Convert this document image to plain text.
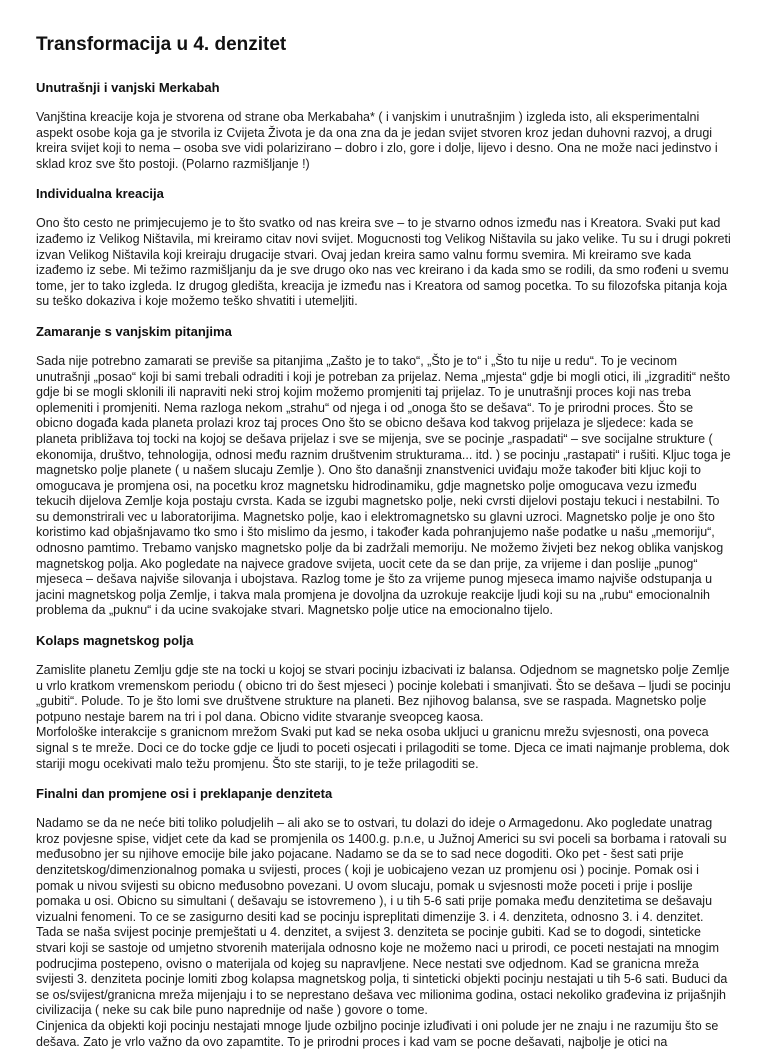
Transformacija u 4. denzitet
Unutrašnji i vanjski Merkabah

Vanjština kreacije koja je stvorena od strane oba Merkabaha* ( i vanjskim i unutrašnjim ) izgleda isto, ali eksperimentalni aspekt osobe koja ga je stvorila iz Cvijeta Života je da ona zna da je jedan svijet stvoren kroz jedan duhovni razvoj, a drugi kreira svijet koji to nema – osoba sve vidi polarizirano – dobro i zlo, gore i dolje, lijevo i desno. Ona ne može naci jedinstvo i sklad kroz sve što postoji. (Polarno razmišljanje !)

Individualna kreacija

Ono što cesto ne primjecujemo je to što svatko od nas kreira sve – to je stvarno odnos između nas i Kreatora. Svaki put kad izađemo iz Velikog Ništavila, mi kreiramo citav novi svijet. Mogucnosti tog Velikog Ništavila su jako velike. Tu su i drugi pokreti izvan Velikog Ništavila koji kreiraju drugacije stvari. Ovaj jedan kreira samo valnu formu svemira. Mi kreiramo sve kada izađemo iz sebe. Mi težimo razmišljanju da je sve drugo oko nas vec kreirano i da kada smo se rodili, da smo rođeni u svemu tome, jer to tako izgleda. Iz drugog gledišta, kreacija je između nas i Kreatora od samog pocetka. To su filozofska pitanja koja su teško dokaziva i koje možemo teško shvatiti i utemeljiti.

Zamaranje s vanjskim pitanjima

Sada nije potrebno zamarati se previše sa pitanjima „Zašto je to tako“, „Što je to“ i „Što tu nije u redu“. To je vecinom unutrašnji „posao“ koji bi sami trebali odraditi i koji je potreban za prijelaz. Nema „mjesta“ gdje bi mogli otici, ili „izgraditi“ nešto gdje bi se mogli sklonili ili napraviti neki stroj kojim možemo promjeniti taj prijelaz. To je unutrašnji proces koji nas treba oplemeniti i promjeniti. Nema razloga nekom „strahu“ od njega i od „onoga što se dešava“. To je prirodni proces. Što se obicno događa kada planeta prolazi kroz taj proces Ono što se obicno dešava kod takvog prijelaza je sljedece: kada se planeta približava toj tocki na kojoj se dešava prijelaz i sve se mijenja, sve se pocinje „raspadati“ – sve socijalne strukture ( ekonomija, društvo, tehnologija, odnosi među raznim društvenim strukturama... itd. ) se pocinju „rastapati“ i rušiti. Kljuc toga je magnetsko polje planete ( u našem slucaju Zemlje ). Ono što današnji znanstvenici uviđaju može također biti kljuc koji to omogucava je promjena osi, na pocetku kroz magnetsku hidrodinamiku, gdje magnetsko polje omogucava vezu između tekucih dijelova Zemlje koja postaju cvrsta. Kada se izgubi magnetsko polje, neki cvrsti dijelovi postaju tekuci i nestabilni. To su demonstrirali vec u laboratorijima. Magnetsko polje, kao i elektromagnetsko su glavni uzroci. Magnetsko polje je ono što koristimo kad objašnjavamo tko smo i što mislimo da jesmo, i također kada pohranjujemo naše podatke u našu „memoriju“, odnosno pamtimo. Trebamo vanjsko magnetsko polje da bi zadržali memoriju. Ne možemo živjeti bez nekog oblika vanjskog magnetskog polja. Ako pogledate na najvece gradove svijeta, uocit cete da se dan prije, za vrijeme i dan poslije „punog“ mjeseca – dešava najviše silovanja i ubojstava. Razlog tome je što za vrijeme punog mjeseca imamo najviše odstupanja u jacini magnetskog polja Zemlje, i takva mala promjena je dovoljna da uzrokuje reakcije ljudi koji su na „rubu“ emocionalnih problema da „puknu“ i da ucine svakojake stvari. Magnetsko polje utice na emocionalno tijelo.

Kolaps magnetskog polja

Zamislite planetu Zemlju gdje ste na tocki u kojoj se stvari pocinju izbacivati iz balansa. Odjednom se magnetsko polje Zemlje u vrlo kratkom vremenskom periodu ( obicno tri do šest mjeseci ) pocinje kolebati i smanjivati. Što se dešava – ljudi se pocinju „gubiti“. Polude. To je što lomi sve društvene strukture na planeti. Bez njihovog balansa, sve se raspada. Magnetsko polje potpuno nestaje barem na tri i pol dana. Obicno vidite stvaranje sveopceg kaosa.

Morfološke interakcije s granicnom mrežom Svaki put kad se neka osoba ukljuci u granicnu mrežu svjesnosti, ona poveca signal s te mreže. Doci ce do tocke gdje ce ljudi to poceti osjecati i prilagoditi se tome. Djeca ce imati najmanje problema, dok stariji mogu ocekivati malo težu promjenu. Što ste stariji, to je teže prilagoditi se.

Finalni dan promjene osi i preklapanje denziteta

Nadamo se da ne neće biti toliko poludjelih – ali ako se to ostvari, tu dolazi do ideje o Armagedonu. Ako pogledate unatrag kroz povjesne spise, vidjet cete da kad se promjenila os 1400.g. p.n.e, u Južnoj Americi su svi poceli sa borbama i ratovali su međusobno jer su njihove emocije bile jako pojacane. Nadamo se da se to sad nece dogoditi. Oko pet - šest sati prije denzitetskog/dimenzionalnog pomaka u svijesti, proces ( koji je uobicajeno vezan uz promjenu osi ) pocinje. Pomak osi i pomak u nivou svijesti su obicno međusobno povezani. U ovom slucaju, pomak u svjesnosti može poceti i prije i poslije pomaka u osi. Obicno su simultani ( dešavaju se istovremeno ), i u tih 5-6 sati prije pomaka među denzitetima se dešavaju vizualni fenomeni. To ce se zasigurno desiti kad se pocinju ispreplitati dimenzije 3. i 4. denziteta, odnosno 3. i 4. denzitet. Tada se naša svijest pocinje premještati u 4. denzitet, a svijest 3. denziteta se pocinje gubiti. Kad se to dogodi, sinteticke stvari koji se sastoje od umjetno stvorenih materijala odnosno koje ne možemo naci u prirodi, ce poceti nestajati na mnogim podrucjima postepeno, ovisno o materijala od kojeg su napravljene. Nece nestati sve odjednom. Kad se granicna mreža svijesti 3. denziteta pocinje lomiti zbog kolapsa magnetskog polja, ti sinteticki objekti pocinju nestajati u tih 5-6 sati. Buduci da se os/svijest/granicna mreža mijenjaju i to se neprestano dešava vec milionima godina, ostaci nekoliko građevina iz prijašnjih civilizacija ( neke su cak bile puno naprednije od naše ) govore o tome.

Cinjenica da objekti koji pocinju nestajati mnoge ljude ozbiljno pocinje izluđivati i oni polude jer ne znaju i ne razumiju što se dešava. Zato je vrlo važno da ovo zapamtite. To je prirodni proces i kad vam se pocne dešavati, najbolje je otici na
